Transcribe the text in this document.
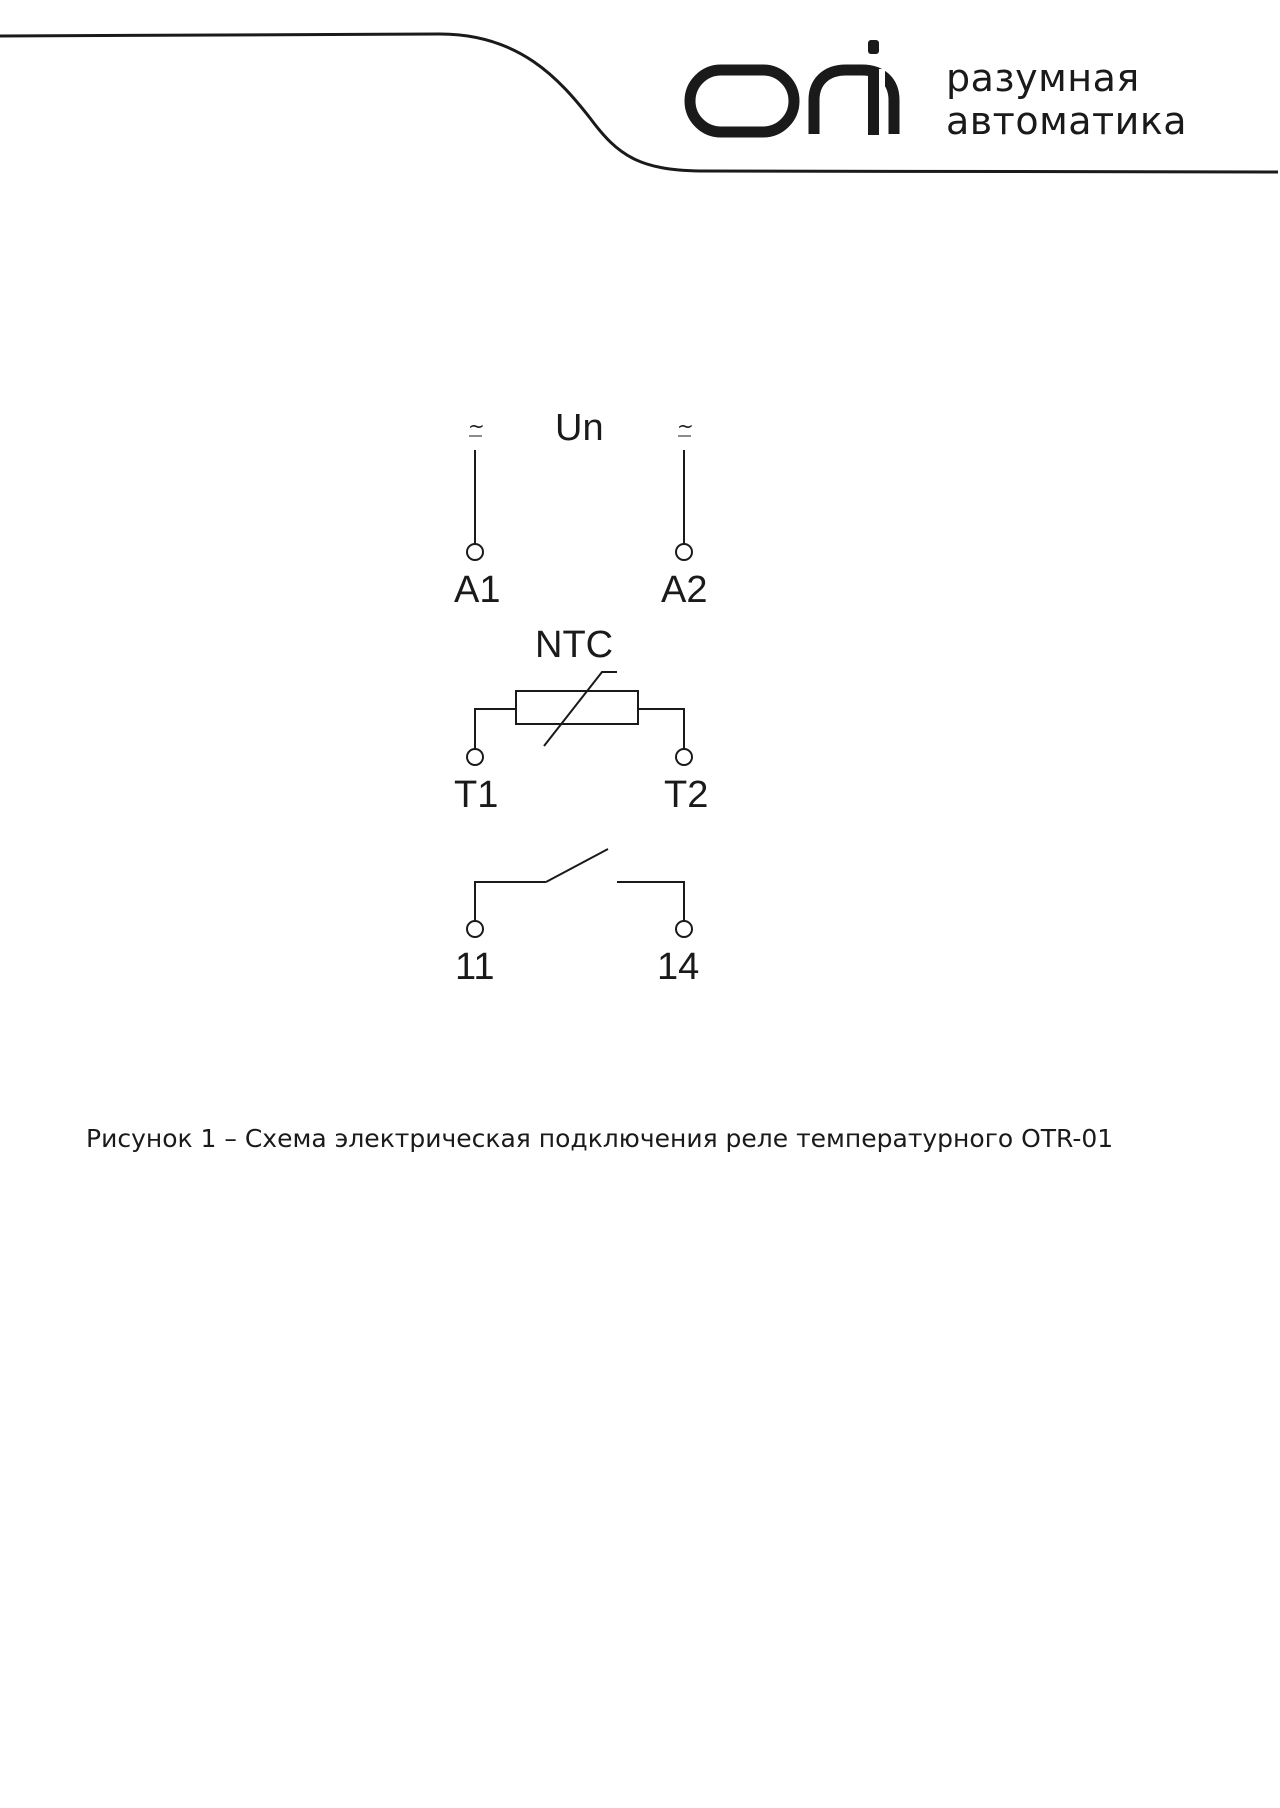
разумная
автоматика
~	~
Un
A1	A2
NTC
T1	T2
11	14
Рисунок 1 – Схема электрическая подключения реле температурного OTR-01
